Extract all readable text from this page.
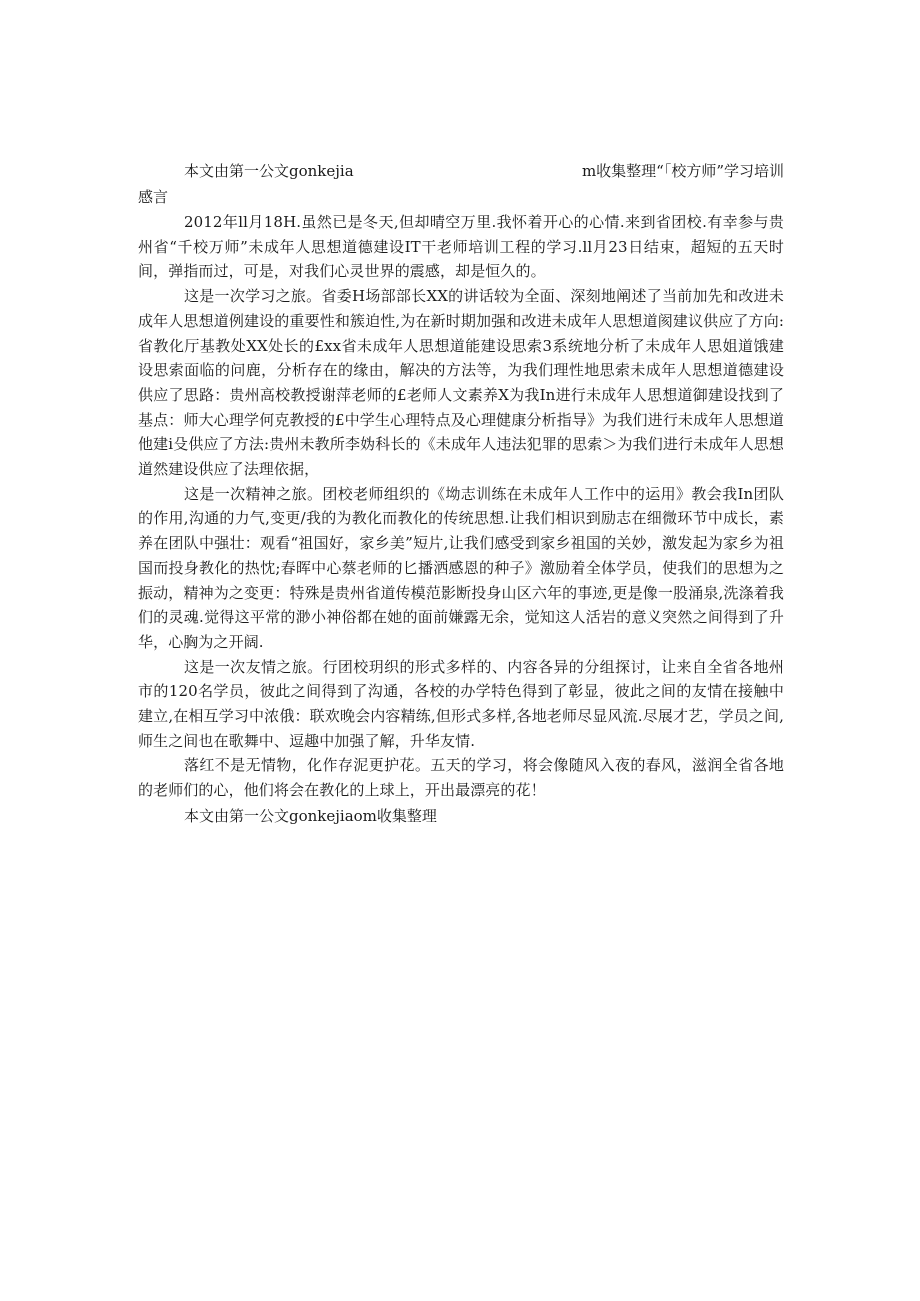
本文由第一公文gonkejia	m收集整理“「校方师”学习培训

感言

2012年ll月18H.虽然已是冬天,但却晴空万里.我怀着开心的心情.来到省团校.有幸参与贵州省“千校万师”未成年人思想道德建设IT干老师培训工程的学习.ll月23日结束，超短的五天时间，弹指而过，可是，对我们心灵世界的震感，却是恒久的。

这是一次学习之旅。省委H场部部长XX的讲话较为全面、深刻地阐述了当前加先和改进未成年人思想道例建设的重要性和簇迫性,为在新时期加强和改进未成年人思想道阂建议供应了方向:省教化厅基教处XX处长的£xx省未成年人思想道能建设思索3系统地分析了未成年人思姐道饿建设思索面临的问鹿，分析存在的缘由，解决的方法等，为我们理性地思索未成年人思想道德建设供应了思路：贵州高校教授谢萍老师的£老师人文素养X为我In进行未成年人思想道御建设找到了基点：师大心理学何克教授的£中学生心理特点及心理健康分析指导》为我们进行未成年人思想道他建i殳供应了方法:贵州未教所李妫科长的《未成年人违法犯罪的思索＞为我们进行未成年人思想道然建设供应了法理依据，

这是一次精神之旅。团校老师组织的《坳志训练在未成年人工作中的运用》教会我In团队的作用,沟通的力气,变更/我的为教化而教化的传统思想.让我们相识到励志在细微环节中成长，素养在团队中强壮：观看“祖国好，家乡美”短片,让我们感受到家乡祖国的关妙，激发起为家乡为祖国而投身教化的热忱;春晖中心蔡老师的匕播洒感恩的种子》激励着全体学员，使我们的思想为之振动，精神为之变更：特殊是贵州省道传模范影断投身山区六年的事迹,更是像一股涌泉,洗涤着我们的灵魂.觉得这平常的渺小神俗都在她的面前嫌露无余，觉知这人活岩的意义突然之间得到了升华，心胸为之开阔.

这是一次友情之旅。行团校玥织的形式多样的、内容各异的分组探讨，让来自全省各地州市的120名学员，彼此之间得到了沟通，各校的办学特色得到了彰显，彼此之间的友情在接触中建立,在相互学习中浓俄：联欢晚会内容精练,但形式多样,各地老师尽显风流.尽展才艺，学员之间,师生之间也在歌舞中、逗趣中加强了解，升华友情.

落红不是无情物，化作存泥更护花。五天的学习，将会像随风入夜的春风，滋润全省各地的老师们的心，他们将会在教化的上球上，开出最漂亮的花！

本文由第一公文gonkejiaom收集整理
